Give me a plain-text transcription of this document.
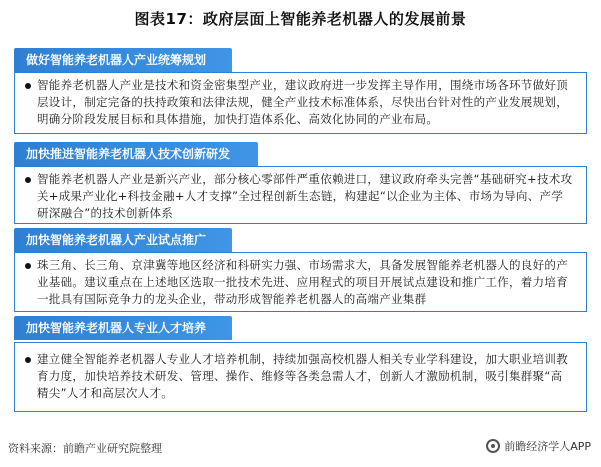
图表17：政府层面上智能养老机器人的发展前景
做好智能养老机器人产业统筹规划
智能养老机器人产业是技术和资金密集型产业，建议政府进一步发挥主导作用，围绕市场各环节做好顶层设计，制定完备的扶持政策和法律法规，健全产业技术标准体系，尽快出台针对性的产业发展规划，明确分阶段发展目标和具体措施，加快打造体系化、高效化协同的产业布局。
加快推进智能养老机器人技术创新研发
智能养老机器人产业是新兴产业，部分核心零部件严重依赖进口，建议政府牵头完善“基础研究+技术攻关+成果产业化+科技金融+人才支撑”全过程创新生态链，构建起“以企业为主体、市场为导向、产学研深融合”的技术创新体系
加快智能养老机器人产业试点推广
珠三角、长三角、京津冀等地区经济和科研实力强、市场需求大，具备发展智能养老机器人的良好的产业基础。建议重点在上述地区选取一批技术先进、应用程式的项目开展试点建设和推广工作，着力培育一批具有国际竞争力的龙头企业，带动形成智能养老机器人的高端产业集群
加快智能养老机器人专业人才培养
建立健全智能养老机器人专业人才培养机制，持续加强高校机器人相关专业学科建设，加大职业培训教育力度，加快培养技术研发、管理、操作、维修等各类急需人才，创新人才激励机制，吸引集群聚“高精尖”人才和高层次人才。
资料来源：前瞻产业研究院整理	前瞻经济学人APP
